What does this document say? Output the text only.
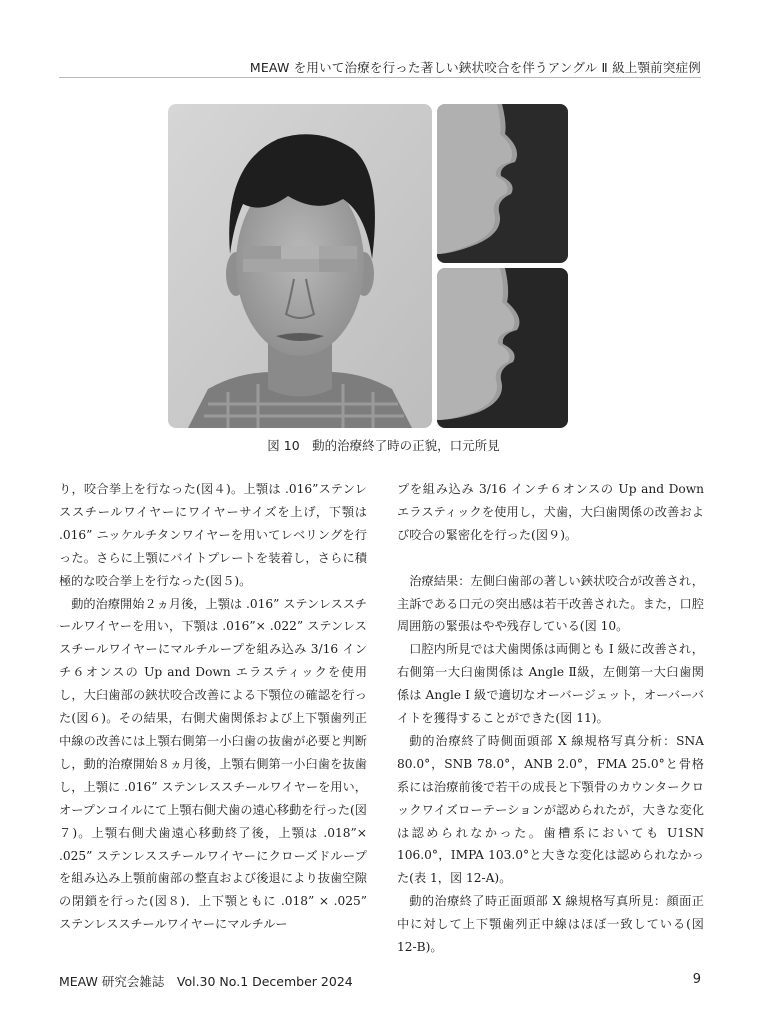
MEAW を用いて治療を行った著しい鋏状咬合を伴うアングル Ⅱ 級上顎前突症例
図 10　動的治療終了時の正貌，口元所見

り，咬合挙上を行なった(図４)。上顎は .016”ステンレススチールワイヤーにワイヤーサイズを上げ，下顎は .016” ニッケルチタンワイヤーを用いてレベリングを行った。さらに上顎にバイトプレートを装着し，さらに積極的な咬合挙上を行なった(図５)。

動的治療開始２ヵ月後，上顎は .016” ステンレススチールワイヤーを用い，下顎は .016”× .022” ステンレススチールワイヤーにマルチループを組み込み 3/16 インチ６オンスの Up and Down エラスティックを使用し，大臼歯部の鋏状咬合改善による下顎位の確認を行った(図６)。その結果，右側犬歯関係および上下顎歯列正中線の改善には上顎右側第一小臼歯の抜歯が必要と判断し，動的治療開始８ヵ月後，上顎右側第一小臼歯を抜歯し，上顎に .016” ステンレススチールワイヤーを用い，オープンコイルにて上顎右側犬歯の遠心移動を行った(図７)。上顎右側犬歯遠心移動終了後，上顎は .018”× .025” ステンレススチールワイヤーにクローズドループを組み込み上顎前歯部の整直および後退により抜歯空隙の閉鎖を行った(図８)．上下顎ともに .018” × .025” ステンレススチールワイヤーにマルチルー

プを組み込み 3/16 インチ６オンスの Up and Down エラスティックを使用し，犬歯，大臼歯関係の改善および咬合の緊密化を行った(図９)。

治療結果：左側臼歯部の著しい鋏状咬合が改善され，主訴である口元の突出感は若干改善された。また，口腔周囲筋の緊張はやや残存している(図 10。

口腔内所見では犬歯関係は両側とも Ⅰ 級に改善され，右側第一大臼歯関係は Angle Ⅱ級，左側第一大臼歯関係は Angle Ⅰ 級で適切なオーバージェット，オーバーバイトを獲得することができた(図 11)。

動的治療終了時側面頭部 X 線規格写真分析：SNA 80.0°，SNB 78.0°，ANB 2.0°，FMA 25.0°と骨格系には治療前後で若干の成長と下顎骨のカウンタークロックワイズローテーションが認められたが，大きな変化は認められなかった。歯槽系においても U1SN 106.0°，IMPA 103.0°と大きな変化は認められなかった(表 1，図 12-A)。

動的治療終了時正面頭部 X 線規格写真所見：顔面正中に対して上下顎歯列正中線はほぼ一致している(図 12-B)。

MEAW 研究会雑誌　Vol.30 No.1 December 2024	9
